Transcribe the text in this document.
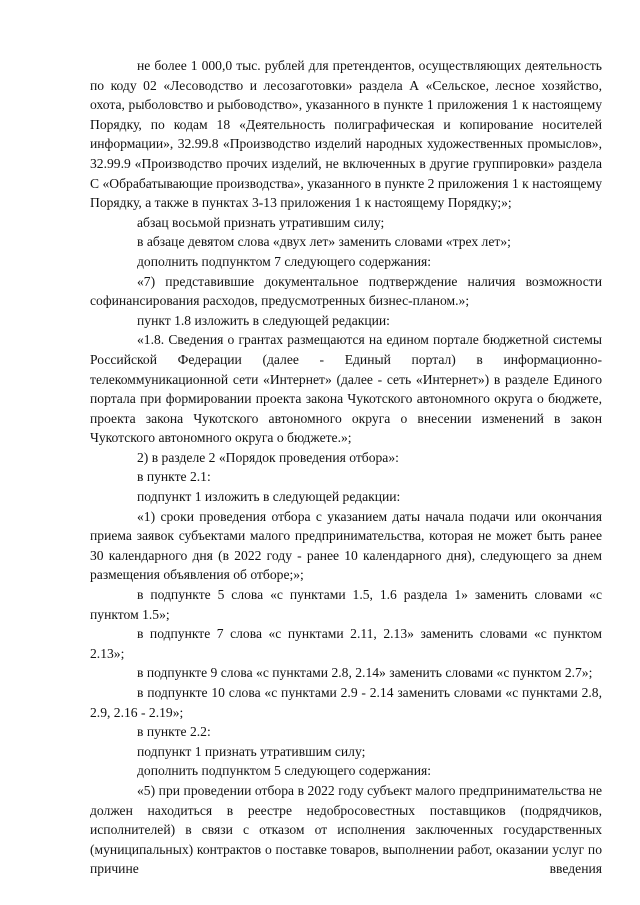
не более 1 000,0 тыс. рублей для претендентов, осуществляющих деятельность по коду 02 «Лесоводство и лесозаготовки» раздела А «Сельское, лесное хозяйство, охота, рыболовство и рыбоводство», указанного в пункте 1 приложения 1 к настоящему Порядку, по кодам 18 «Деятельность полиграфическая и копирование носителей информации», 32.99.8 «Производство изделий народных художественных промыслов», 32.99.9 «Производство прочих изделий, не включенных в другие группировки» раздела С «Обрабатывающие производства», указанного в пункте 2 приложения 1 к настоящему Порядку, а также в пунктах 3-13 приложения 1 к настоящему Порядку;»;

абзац восьмой признать утратившим силу;

в абзаце девятом слова «двух лет» заменить словами «трех лет»;

дополнить подпунктом 7 следующего содержания:

«7) представившие документальное подтверждение наличия возможности софинансирования расходов, предусмотренных бизнес-планом.»;

пункт 1.8 изложить в следующей редакции:

«1.8. Сведения о грантах размещаются на едином портале бюджетной системы Российской Федерации (далее - Единый портал) в информационно-телекоммуникационной сети «Интернет» (далее - сеть «Интернет») в разделе Единого портала при формировании проекта закона Чукотского автономного округа о бюджете, проекта закона Чукотского автономного округа о внесении изменений в закон Чукотского автономного округа о бюджете.»;

2) в разделе 2 «Порядок проведения отбора»:

в пункте 2.1:

подпункт 1 изложить в следующей редакции:

«1) сроки проведения отбора с указанием даты начала подачи или окончания приема заявок субъектами малого предпринимательства, которая не может быть ранее 30 календарного дня (в 2022 году - ранее 10 календарного дня), следующего за днем размещения объявления об отборе;»;

в подпункте 5 слова «с пунктами 1.5, 1.6 раздела 1» заменить словами «с пунктом 1.5»;

в подпункте 7 слова «с пунктами 2.11, 2.13» заменить словами «с пунктом 2.13»;

в подпункте 9 слова «с пунктами 2.8, 2.14» заменить словами «с пунктом 2.7»;

в подпункте 10 слова «с пунктами 2.9 - 2.14 заменить словами «с пунктами 2.8, 2.9, 2.16 - 2.19»;

в пункте 2.2:

подпункт 1 признать утратившим силу;

дополнить подпунктом 5 следующего содержания:

«5) при проведении отбора в 2022 году субъект малого предпринимательства не должен находиться в реестре недобросовестных поставщиков (подрядчиков, исполнителей) в связи с отказом от исполнения заключенных государственных (муниципальных) контрактов о поставке товаров, выполнении работ, оказании услуг по причине введения
